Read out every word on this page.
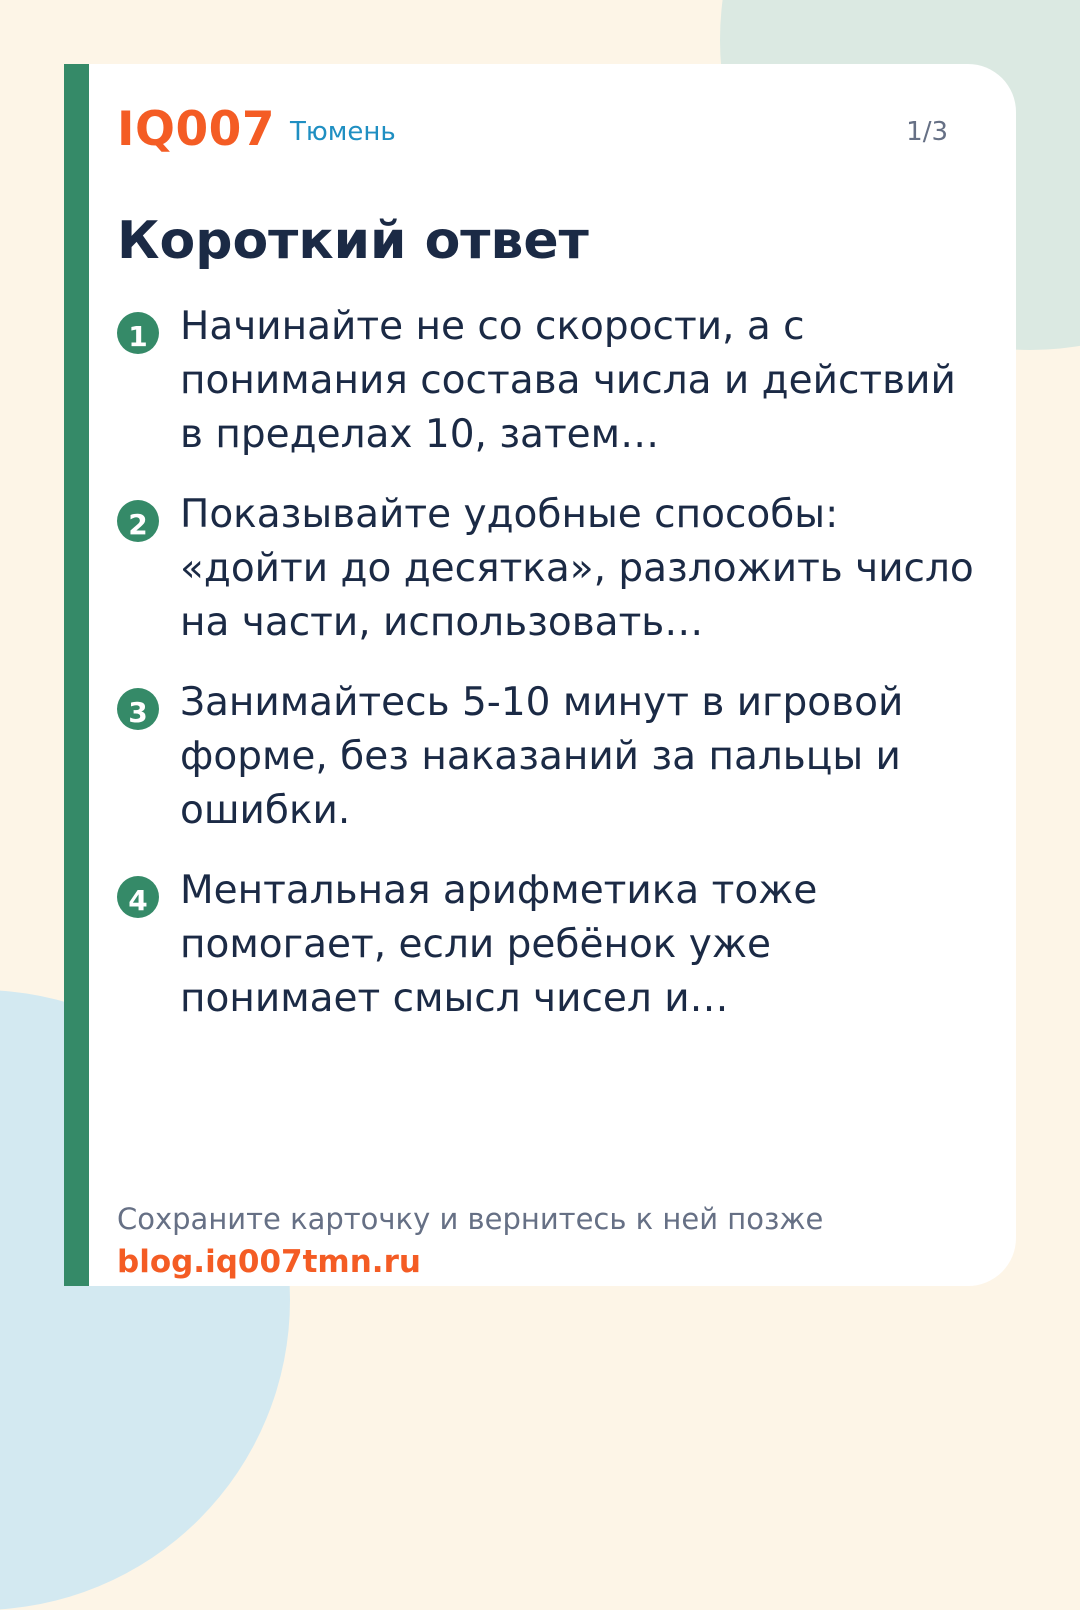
IQ007 Тюмень	1/3
Короткий ответ
1 Начинайте не со скорости, а с понимания состава числа и действий в пределах 10, затем…
2 Показывайте удобные способы: «дойти до десятка», разложить число на части, использовать…
3 Занимайтесь 5-10 минут в игровой форме, без наказаний за пальцы и ошибки.
4 Ментальная арифметика тоже помогает, если ребёнок уже понимает смысл чисел и…
Сохраните карточку и вернитесь к ней позже
blog.iq007tmn.ru
